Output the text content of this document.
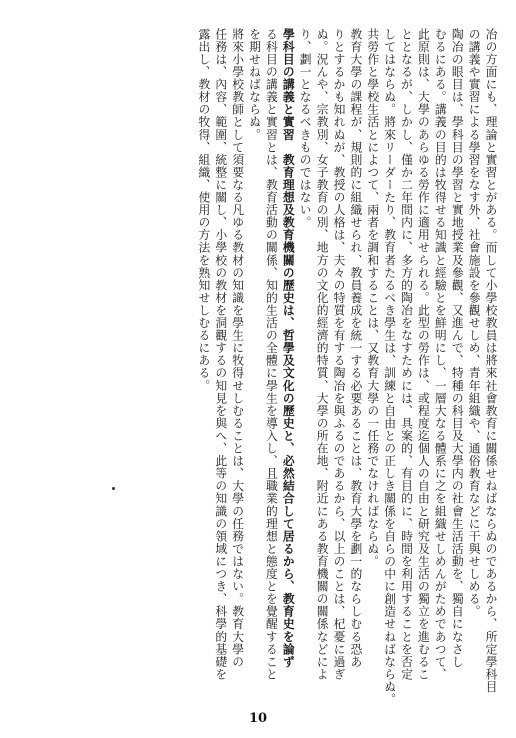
冶の方面にも、理論と實習とがある。而して小學校教員は將來社會教育に關係せねばならぬのであるから、所定學科目
の講義や實習による學習をなす外、社會施設を參觀せしめ、青年組織や、通俗教育などに干與せしめる。
陶冶の眼目は、學科目の學習と實地授業及參觀、又進んで、特種の科目及大學内の社會生活活動を、獨自になさし
むるにある。講義の目的は牧得せる知識と經驗とを鮮明にし、一層大なる體系に之を組織せしめんがためであつて、
此原則は、大學のあらゆる勞作に適用せられる。此型の勞作は、或程度迄個人の自由と研究及生活の獨立を進むるこ
ととなるが、しかし、僅か二年間内に、多方的陶冶をなすためには、具案的、有目的に、時間を利用することを否定
してはならぬ。將來リーダーたり、教育者たるべき學生は、訓練と自由との正しき關係を自らの中に創造せねばならぬ。
共勞作と學校生活とによつて、兩者を調和することは、又教育大學の一任務でなければならぬ。
教育大學の課程が、規則的に組織せられ、教員養成を統一する必要あることは、教育大學を劃一的ならしむる恐あ
りとするかも知れぬが、教授の人格は、夫々の特質を有する陶冶を與ふるのであるから、以上のことは、杞憂に過ぎ
ぬ。況んや、宗教別、女子教育の別、地方の文化的經濟的特質、大學の所在地、附近にある教育機關の關係などによ
り、劃一となるべきものではない。
學科目の講義と實習　教育理想及教育機關の歷史は、哲學及文化の歷史と、必然結合して居るから、教育史を論ず
る科目の講義と實習とは、教育活動の關係、知的生活の全體に學生を導入し、且職業的理想と態度とを覺醒すること
を期せねばならぬ。
將來小學校教師として須要なる凡ゆる教材の知識を學生に牧得せしむることは、大學の任務ではない。教育大學の
任務は、內容、範圍、統整に關し、小學校の教材を洞觀するの知見を與へ、此等の知識の領域につき、科學的基礎を
露出し、教材の牧得、組織、使用の方法を熟知せしむるにある。
10
